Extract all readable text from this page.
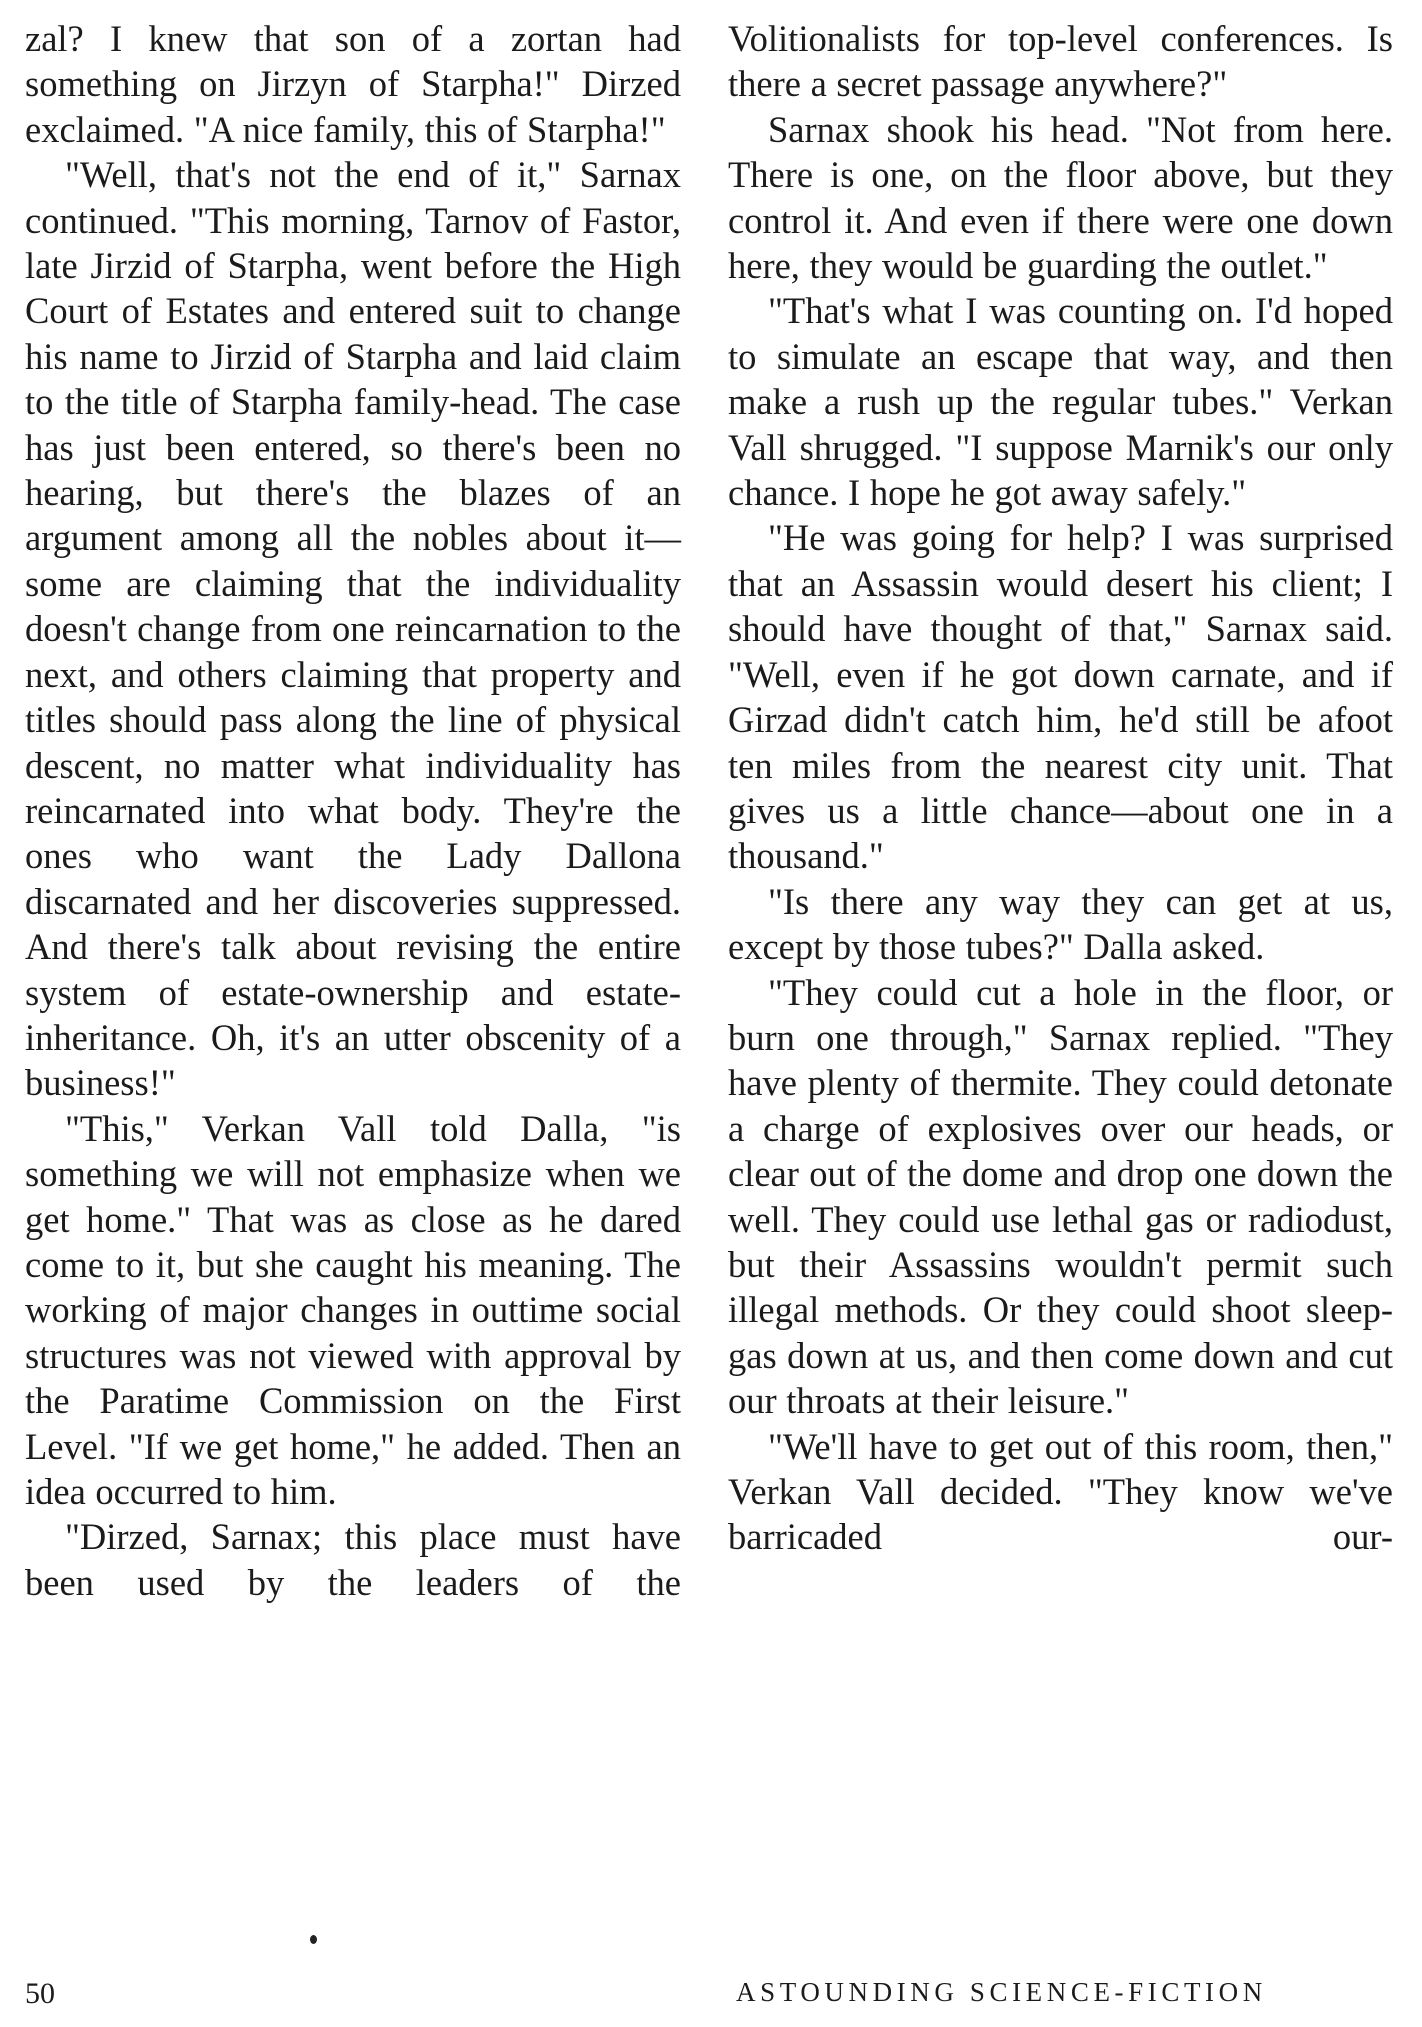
zal? I knew that son of a zortan had something on Jirzyn of Starpha!" Dirzed exclaimed. "A nice family, this of Starpha!"

"Well, that's not the end of it," Sarnax continued. "This morning, Tarnov of Fastor, late Jirzid of Starpha, went before the High Court of Estates and entered suit to change his name to Jirzid of Starpha and laid claim to the title of Starpha family-head. The case has just been entered, so there's been no hearing, but there's the blazes of an argument among all the nobles about it—some are claiming that the individuality doesn't change from one reincarnation to the next, and others claiming that property and titles should pass along the line of physical descent, no matter what individuality has reincarnated into what body. They're the ones who want the Lady Dallona discarnated and her discoveries suppressed. And there's talk about revising the entire system of estate-ownership and estate-inheritance. Oh, it's an utter obscenity of a business!"

"This," Verkan Vall told Dalla, "is something we will not emphasize when we get home." That was as close as he dared come to it, but she caught his meaning. The working of major changes in outtime social structures was not viewed with approval by the Paratime Commission on the First Level. "If we get home," he added. Then an idea occurred to him.

"Dirzed, Sarnax; this place must have been used by the leaders of the

Volitionalists for top-level conferences. Is there a secret passage anywhere?"

Sarnax shook his head. "Not from here. There is one, on the floor above, but they control it. And even if there were one down here, they would be guarding the outlet."

"That's what I was counting on. I'd hoped to simulate an escape that way, and then make a rush up the regular tubes." Verkan Vall shrugged. "I suppose Marnik's our only chance. I hope he got away safely."

"He was going for help? I was surprised that an Assassin would desert his client; I should have thought of that," Sarnax said. "Well, even if he got down carnate, and if Girzad didn't catch him, he'd still be afoot ten miles from the nearest city unit. That gives us a little chance—about one in a thousand."

"Is there any way they can get at us, except by those tubes?" Dalla asked.

"They could cut a hole in the floor, or burn one through," Sarnax replied. "They have plenty of thermite. They could detonate a charge of explosives over our heads, or clear out of the dome and drop one down the well. They could use lethal gas or radiodust, but their Assassins wouldn't permit such illegal methods. Or they could shoot sleep-gas down at us, and then come down and cut our throats at their leisure."

"We'll have to get out of this room, then," Verkan Vall decided. "They know we've barricaded our-

50	ASTOUNDING SCIENCE-FICTION
